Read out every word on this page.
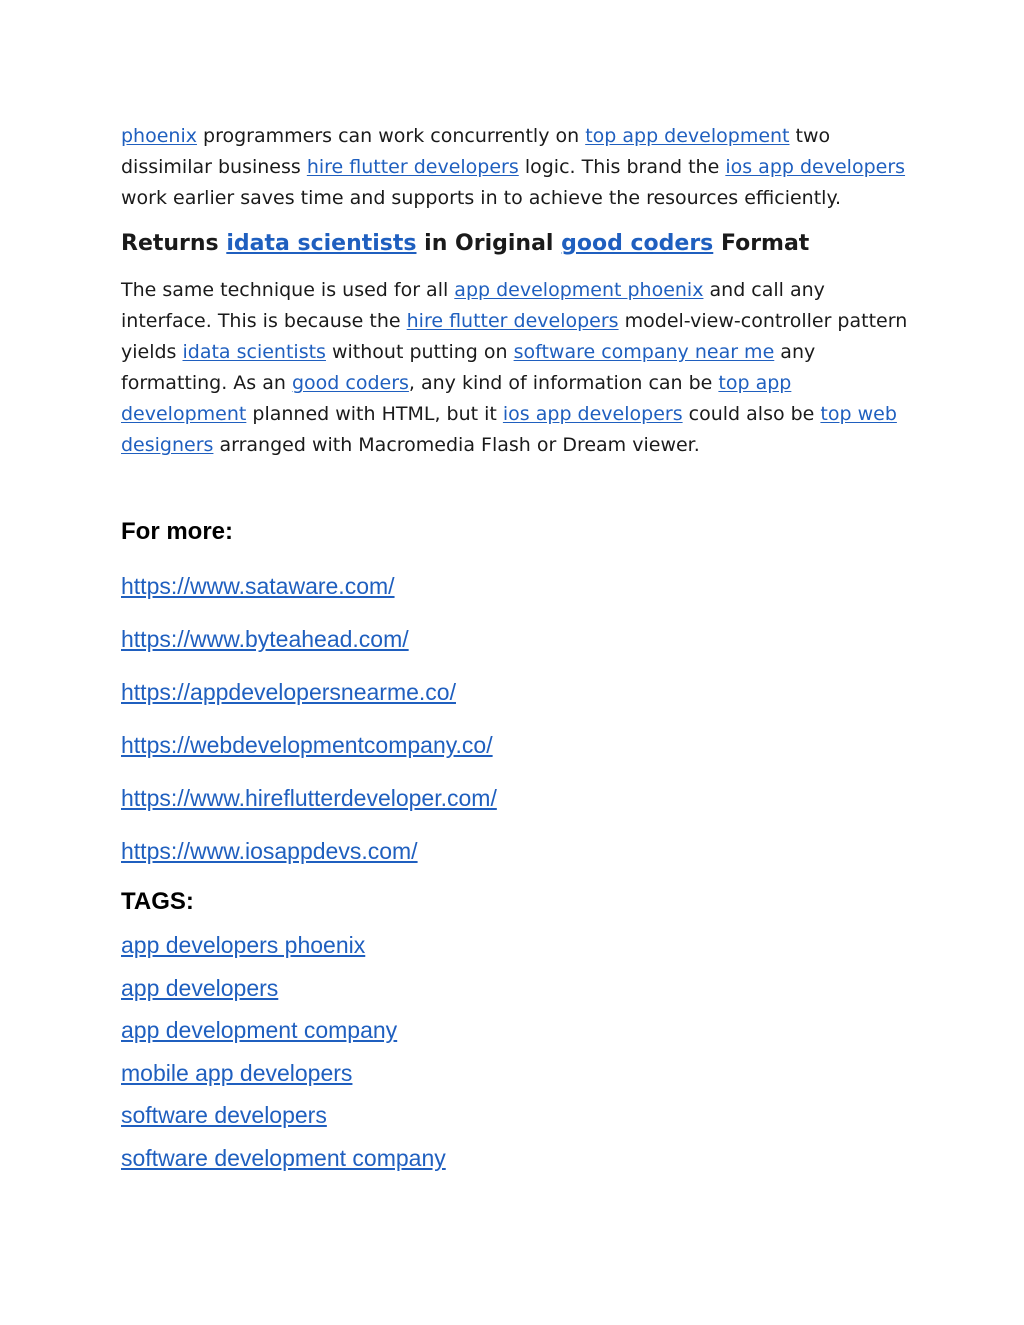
phoenix programmers can work concurrently on top app development two dissimilar business hire flutter developers logic. This brand the ios app developers work earlier saves time and supports in to achieve the resources efficiently.

Returns idata scientists in Original good coders Format

The same technique is used for all app development phoenix and call any interface. This is because the hire flutter developers model-view-controller pattern yields idata scientists without putting on software company near me any formatting. As an good coders, any kind of information can be top app development planned with HTML, but it ios app developers could also be top web designers arranged with Macromedia Flash or Dream viewer.

For more:
https://www.sataware.com/
https://www.byteahead.com/
https://appdevelopersnearme.co/
https://webdevelopmentcompany.co/
https://www.hireflutterdeveloper.com/
https://www.iosappdevs.com/
TAGS:
app developers phoenix
app developers
app development company
mobile app developers
software developers
software development company
